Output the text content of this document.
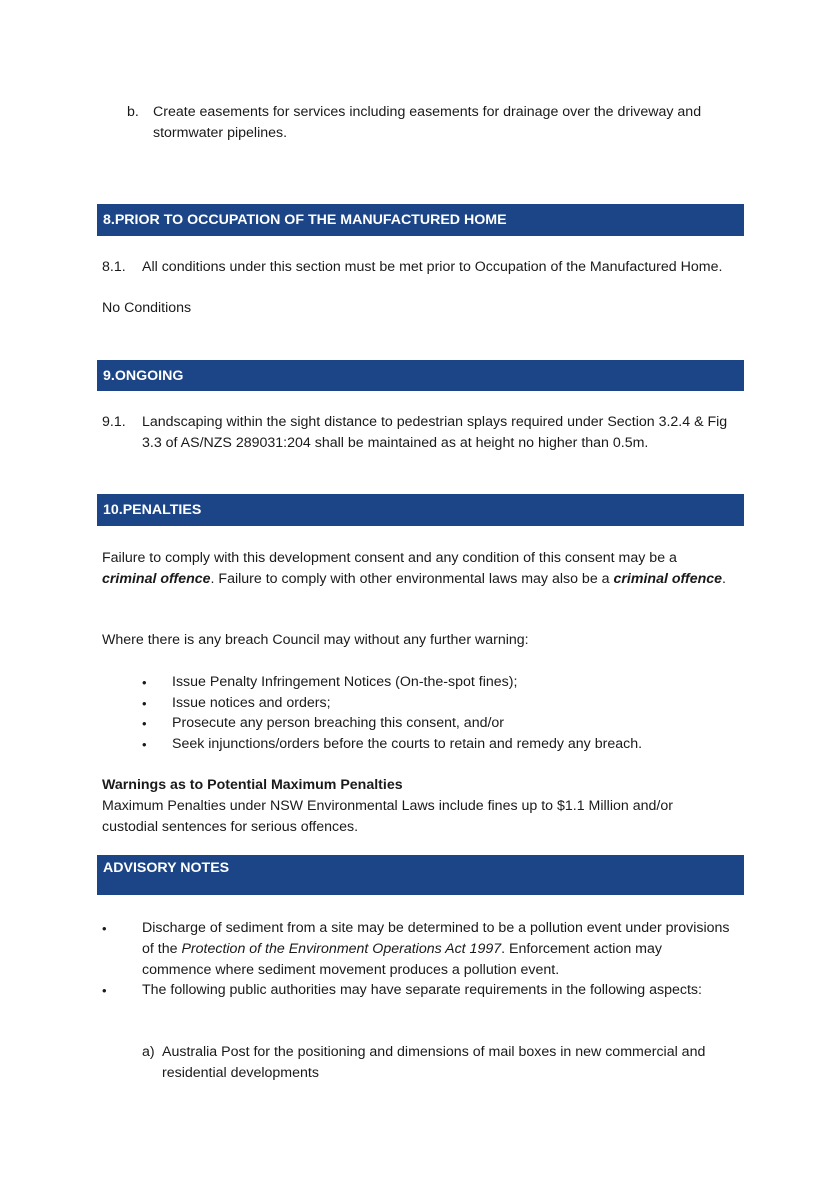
b. Create easements for services including easements for drainage over the driveway and stormwater pipelines.
8.PRIOR TO OCCUPATION OF THE MANUFACTURED HOME
8.1.	All conditions under this section must be met prior to Occupation of the Manufactured Home.
No Conditions
9.ONGOING
9.1.	Landscaping within the sight distance to pedestrian splays required under Section 3.2.4 & Fig 3.3 of AS/NZS 289031:204 shall be maintained as at height no higher than 0.5m.
10.PENALTIES
Failure to comply with this development consent and any condition of this consent may be a criminal offence. Failure to comply with other environmental laws may also be a criminal offence.
Where there is any breach Council may without any further warning:
•	Issue Penalty Infringement Notices (On-the-spot fines);
•	Issue notices and orders;
•	Prosecute any person breaching this consent, and/or
•	Seek injunctions/orders before the courts to retain and remedy any breach.
Warnings as to Potential Maximum Penalties
Maximum Penalties under NSW Environmental Laws include fines up to $1.1 Million and/or custodial sentences for serious offences.
ADVISORY NOTES
•	Discharge of sediment from a site may be determined to be a pollution event under provisions of the Protection of the Environment Operations Act 1997. Enforcement action may commence where sediment movement produces a pollution event.
•	The following public authorities may have separate requirements in the following aspects:
a) Australia Post for the positioning and dimensions of mail boxes in new commercial and residential developments
